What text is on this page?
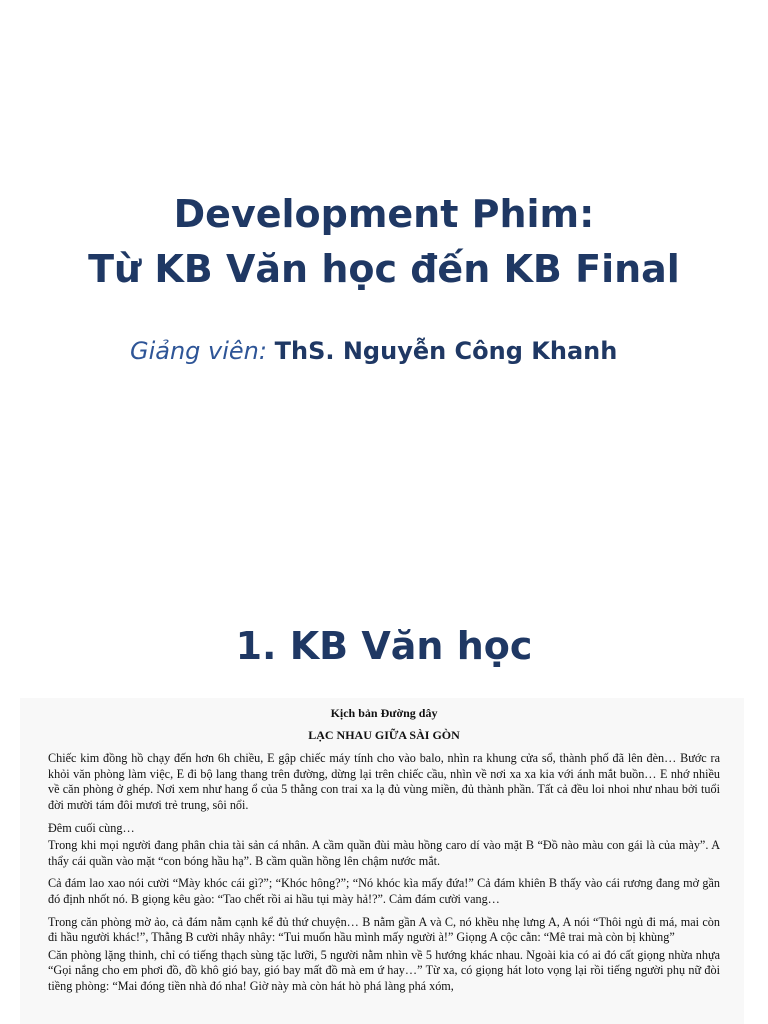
Development Phim:
Từ KB Văn học đến KB Final
Giảng viên: ThS. Nguyễn Công Khanh
1. KB Văn học
Kịch bản Đường dây
LẠC NHAU GIỮA SÀI GÒN

Chiếc kim đồng hồ chạy đến hơn 6h chiều, E gập chiếc máy tính cho vào balo, nhìn ra khung cửa sổ, thành phố đã lên đèn… Bước ra khỏi văn phòng làm việc, E đi bộ lang thang trên đường, dừng lại trên chiếc cầu, nhìn về nơi xa xa kia với ánh mắt buồn… E nhớ nhiều về căn phòng ở ghép. Nơi xem như hang ổ của 5 thằng con trai xa lạ đủ vùng miền, đủ thành phần. Tất cả đều loi nhoi như nhau bởi tuổi đời mười tám đôi mươi trẻ trung, sôi nổi.

Đêm cuối cùng…

Trong khi mọi người đang phân chia tài sản cá nhân. A cầm quần đùi màu hồng caro dí vào mặt B “Đồ nào màu con gái là của mày”. A thẩy cái quần vào mặt “con bóng hầu hạ”. B cầm quần hồng lên chậm nước mắt.

Cả đám lao xao nói cười “Mày khóc cái gì?”; “Khóc hông?”; “Nó khóc kìa mấy đứa!” Cả đám khiên B thấy vào cái rương đang mở gần đó định nhốt nó. B giọng kêu gào: “Tao chết rồi ai hầu tụi mày hả!?”. Cảm đám cười vang…

Trong căn phòng mờ ảo, cả đám nằm cạnh kể đủ thứ chuyện… B nằm gần A và C, nó khều nhẹ lưng A, A nói “Thôi ngủ đi má, mai còn đi hầu người khác!”, Thằng B cười nhây nhây: “Tui muốn hầu mình mấy người à!” Giọng A cộc cằn: “Mê trai mà còn bị khùng”

Căn phòng lặng thinh, chỉ có tiếng thạch sùng tặc lưỡi, 5 người nằm nhìn về 5 hướng khác nhau. Ngoài kia có ai đó cất giọng nhừa nhựa “Gọi nắng cho em phơi đồ, đồ khô gió bay, gió bay mất đồ mà em ứ hay…” Từ xa, có giọng hát loto vọng lại rồi tiếng người phụ nữ đòi tiềng phòng: “Mai đóng tiền nhà đó nha! Giờ này mà còn hát hò phá làng phá xóm,
